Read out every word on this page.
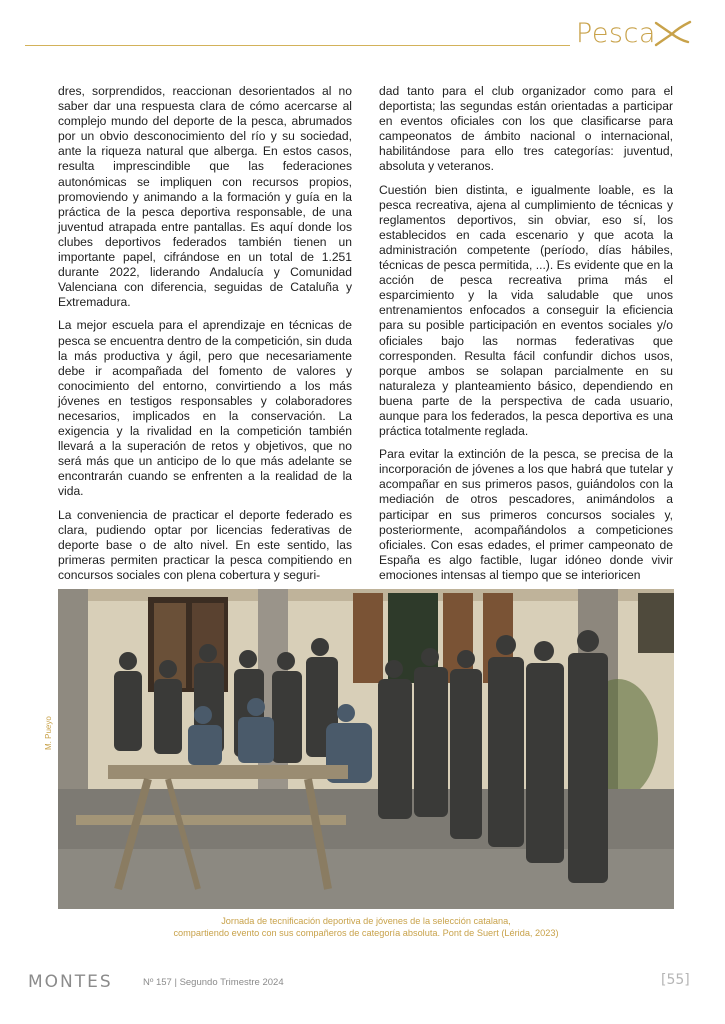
Pesca

dres, sorprendidos, reaccionan desorientados al no saber dar una respuesta clara de cómo acercarse al complejo mundo del deporte de la pesca, abrumados por un obvio desconocimiento del río y su sociedad, ante la riqueza natural que alberga. En estos casos, resulta imprescindible que las federaciones autonómicas se impliquen con recursos propios, promoviendo y animando a la formación y guía en la práctica de la pesca deportiva responsable, de una juventud atrapada entre pantallas. Es aquí donde los clubes deportivos federados también tienen un importante papel, cifrándose en un total de 1.251 durante 2022, liderando Andalucía y Comunidad Valenciana con diferencia, seguidas de Cataluña y Extremadura.

La mejor escuela para el aprendizaje en técnicas de pesca se encuentra dentro de la competición, sin duda la más productiva y ágil, pero que necesariamente debe ir acompañada del fomento de valores y conocimiento del entorno, convirtiendo a los más jóvenes en testigos responsables y colaboradores necesarios, implicados en la conservación. La exigencia y la rivalidad en la competición también llevará a la superación de retos y objetivos, que no será más que un anticipo de lo que más adelante se encontrarán cuando se enfrenten a la realidad de la vida.

La conveniencia de practicar el deporte federado es clara, pudiendo optar por licencias federativas de deporte base o de alto nivel. En este sentido, las primeras permiten practicar la pesca compitiendo en concursos sociales con plena cobertura y seguri-

dad tanto para el club organizador como para el deportista; las segundas están orientadas a participar en eventos oficiales con los que clasificarse para campeonatos de ámbito nacional o internacional, habilitándose para ello tres categorías: juventud, absoluta y veteranos.

Cuestión bien distinta, e igualmente loable, es la pesca recreativa, ajena al cumplimiento de técnicas y reglamentos deportivos, sin obviar, eso sí, los establecidos en cada escenario y que acota la administración competente (período, días hábiles, técnicas de pesca permitida, ...). Es evidente que en la acción de pesca recreativa prima más el esparcimiento y la vida saludable que unos entrenamientos enfocados a conseguir la eficiencia para su posible participación en eventos sociales y/o oficiales bajo las normas federativas que corresponden. Resulta fácil confundir dichos usos, porque ambos se solapan parcialmente en su naturaleza y planteamiento básico, dependiendo en buena parte de la perspectiva de cada usuario, aunque para los federados, la pesca deportiva es una práctica totalmente reglada.

Para evitar la extinción de la pesca, se precisa de la incorporación de jóvenes a los que habrá que tutelar y acompañar en sus primeros pasos, guiándolos con la mediación de otros pescadores, animándolos a participar en sus primeros concursos sociales y, posteriormente, acompañándolos a competiciones oficiales. Con esas edades, el primer campeonato de España es algo factible, lugar idóneo donde vivir emociones intensas al tiempo que se interioricen

M. Pueyo
Jornada de tecnificación deportiva de jóvenes de la selección catalana,
compartiendo evento con sus compañeros de categoría absoluta. Pont de Suert (Lérida, 2023)
MONTES	Nº 157 | Segundo Trimestre 2024	[55]
